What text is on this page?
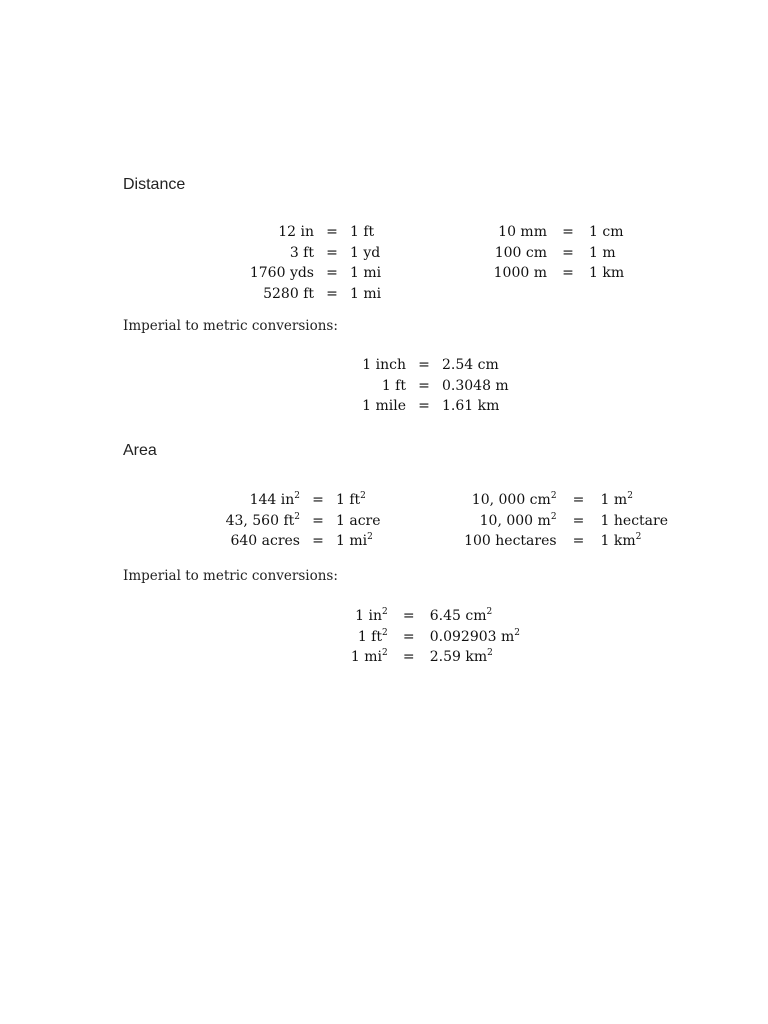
Distance
12 in	=	1 ft
3 ft	=	1 yd
1760 yds	=	1 mi
5280 ft	=	1 mi
10 mm	=	1 cm
100 cm	=	1 m
1000 m	=	1 km
Imperial to metric conversions:
1 inch	=	2.54 cm
1 ft	=	0.3048 m
1 mile	=	1.61 km
Area
144 $in^2$	=	1 $ft^2$
43, 560 $ft^2$	=	1 acre
640 acres	=	1 $mi^2$
10, 000 $cm^2$	=	1 $m^2$
10, 000 $m^2$	=	1 hectare
100 hectares	=	1 $km^2$
Imperial to metric conversions:
1 $in^2$	=	6.45 $cm^2$
1 $ft^2$	=	0.092903 $m^2$
1 $mi^2$	=	2.59 $km^2$
